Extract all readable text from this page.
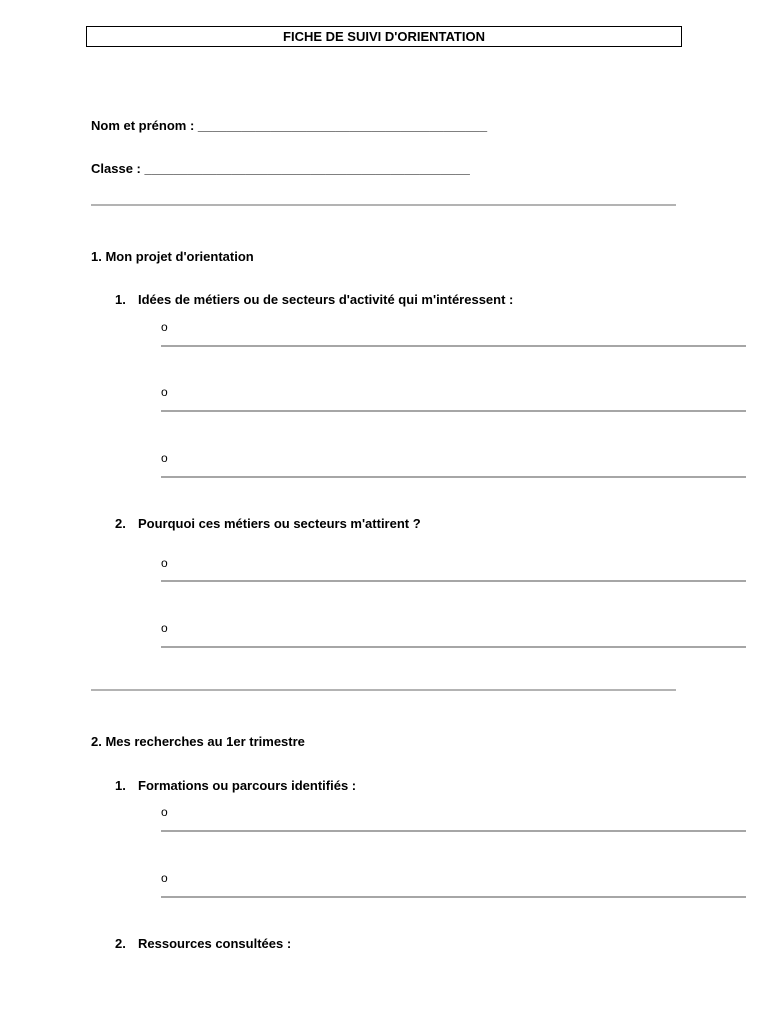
FICHE DE SUIVI D'ORIENTATION
Nom et prénom : ________________________________________
Classe : _____________________________________________
1. Mon projet d'orientation
1. Idées de métiers ou de secteurs d'activité qui m'intéressent :
o
o
o
2. Pourquoi ces métiers ou secteurs m'attirent ?
o
o
2. Mes recherches au 1er trimestre
1. Formations ou parcours identifiés :
o
o
2. Ressources consultées :
